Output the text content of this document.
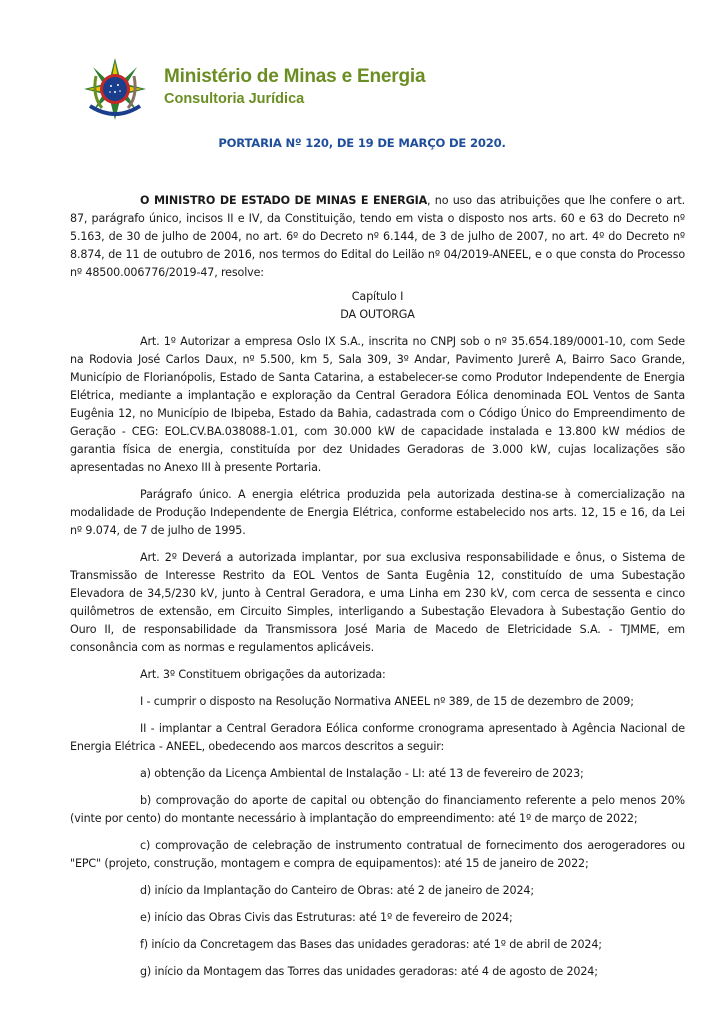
Ministério de Minas e Energia
Consultoria Jurídica
PORTARIA Nº 120, DE 19 DE MARÇO DE 2020.

O MINISTRO DE ESTADO DE MINAS E ENERGIA, no uso das atribuições que lhe confere o art. 87, parágrafo único, incisos II e IV, da Constituição, tendo em vista o disposto nos arts. 60 e 63 do Decreto nº 5.163, de 30 de julho de 2004, no art. 6º do Decreto nº 6.144, de 3 de julho de 2007, no art. 4º do Decreto nº 8.874, de 11 de outubro de 2016, nos termos do Edital do Leilão nº 04/2019-ANEEL, e o que consta do Processo nº 48500.006776/2019-47, resolve:

Capítulo I

DA OUTORGA

Art. 1º Autorizar a empresa Oslo IX S.A., inscrita no CNPJ sob o nº 35.654.189/0001-10, com Sede na Rodovia José Carlos Daux, nº 5.500, km 5, Sala 309, 3º Andar, Pavimento Jurerê A, Bairro Saco Grande, Município de Florianópolis, Estado de Santa Catarina, a estabelecer-se como Produtor Independente de Energia Elétrica, mediante a implantação e exploração da Central Geradora Eólica denominada EOL Ventos de Santa Eugênia 12, no Município de Ibipeba, Estado da Bahia, cadastrada com o Código Único do Empreendimento de Geração - CEG: EOL.CV.BA.038088-1.01, com 30.000 kW de capacidade instalada e 13.800 kW médios de garantia física de energia, constituída por dez Unidades Geradoras de 3.000 kW, cujas localizações são apresentadas no Anexo III à presente Portaria.

Parágrafo único. A energia elétrica produzida pela autorizada destina-se à comercialização na modalidade de Produção Independente de Energia Elétrica, conforme estabelecido nos arts. 12, 15 e 16, da Lei nº 9.074, de 7 de julho de 1995.

Art. 2º Deverá a autorizada implantar, por sua exclusiva responsabilidade e ônus, o Sistema de Transmissão de Interesse Restrito da EOL Ventos de Santa Eugênia 12, constituído de uma Subestação Elevadora de 34,5/230 kV, junto à Central Geradora, e uma Linha em 230 kV, com cerca de sessenta e cinco quilômetros de extensão, em Circuito Simples, interligando a Subestação Elevadora à Subestação Gentio do Ouro II, de responsabilidade da Transmissora José Maria de Macedo de Eletricidade S.A. - TJMME, em consonância com as normas e regulamentos aplicáveis.

Art. 3º Constituem obrigações da autorizada:

I - cumprir o disposto na Resolução Normativa ANEEL nº 389, de 15 de dezembro de 2009;

II - implantar a Central Geradora Eólica conforme cronograma apresentado à Agência Nacional de Energia Elétrica - ANEEL, obedecendo aos marcos descritos a seguir:

a) obtenção da Licença Ambiental de Instalação - LI: até 13 de fevereiro de 2023;

b) comprovação do aporte de capital ou obtenção do financiamento referente a pelo menos 20% (vinte por cento) do montante necessário à implantação do empreendimento: até 1º de março de 2022;

c) comprovação de celebração de instrumento contratual de fornecimento dos aerogeradores ou "EPC" (projeto, construção, montagem e compra de equipamentos): até 15 de janeiro de 2022;

d) início da Implantação do Canteiro de Obras: até 2 de janeiro de 2024;

e) início das Obras Civis das Estruturas: até 1º de fevereiro de 2024;

f) início da Concretagem das Bases das unidades geradoras: até 1º de abril de 2024;

g) início da Montagem das Torres das unidades geradoras: até 4 de agosto de 2024;
